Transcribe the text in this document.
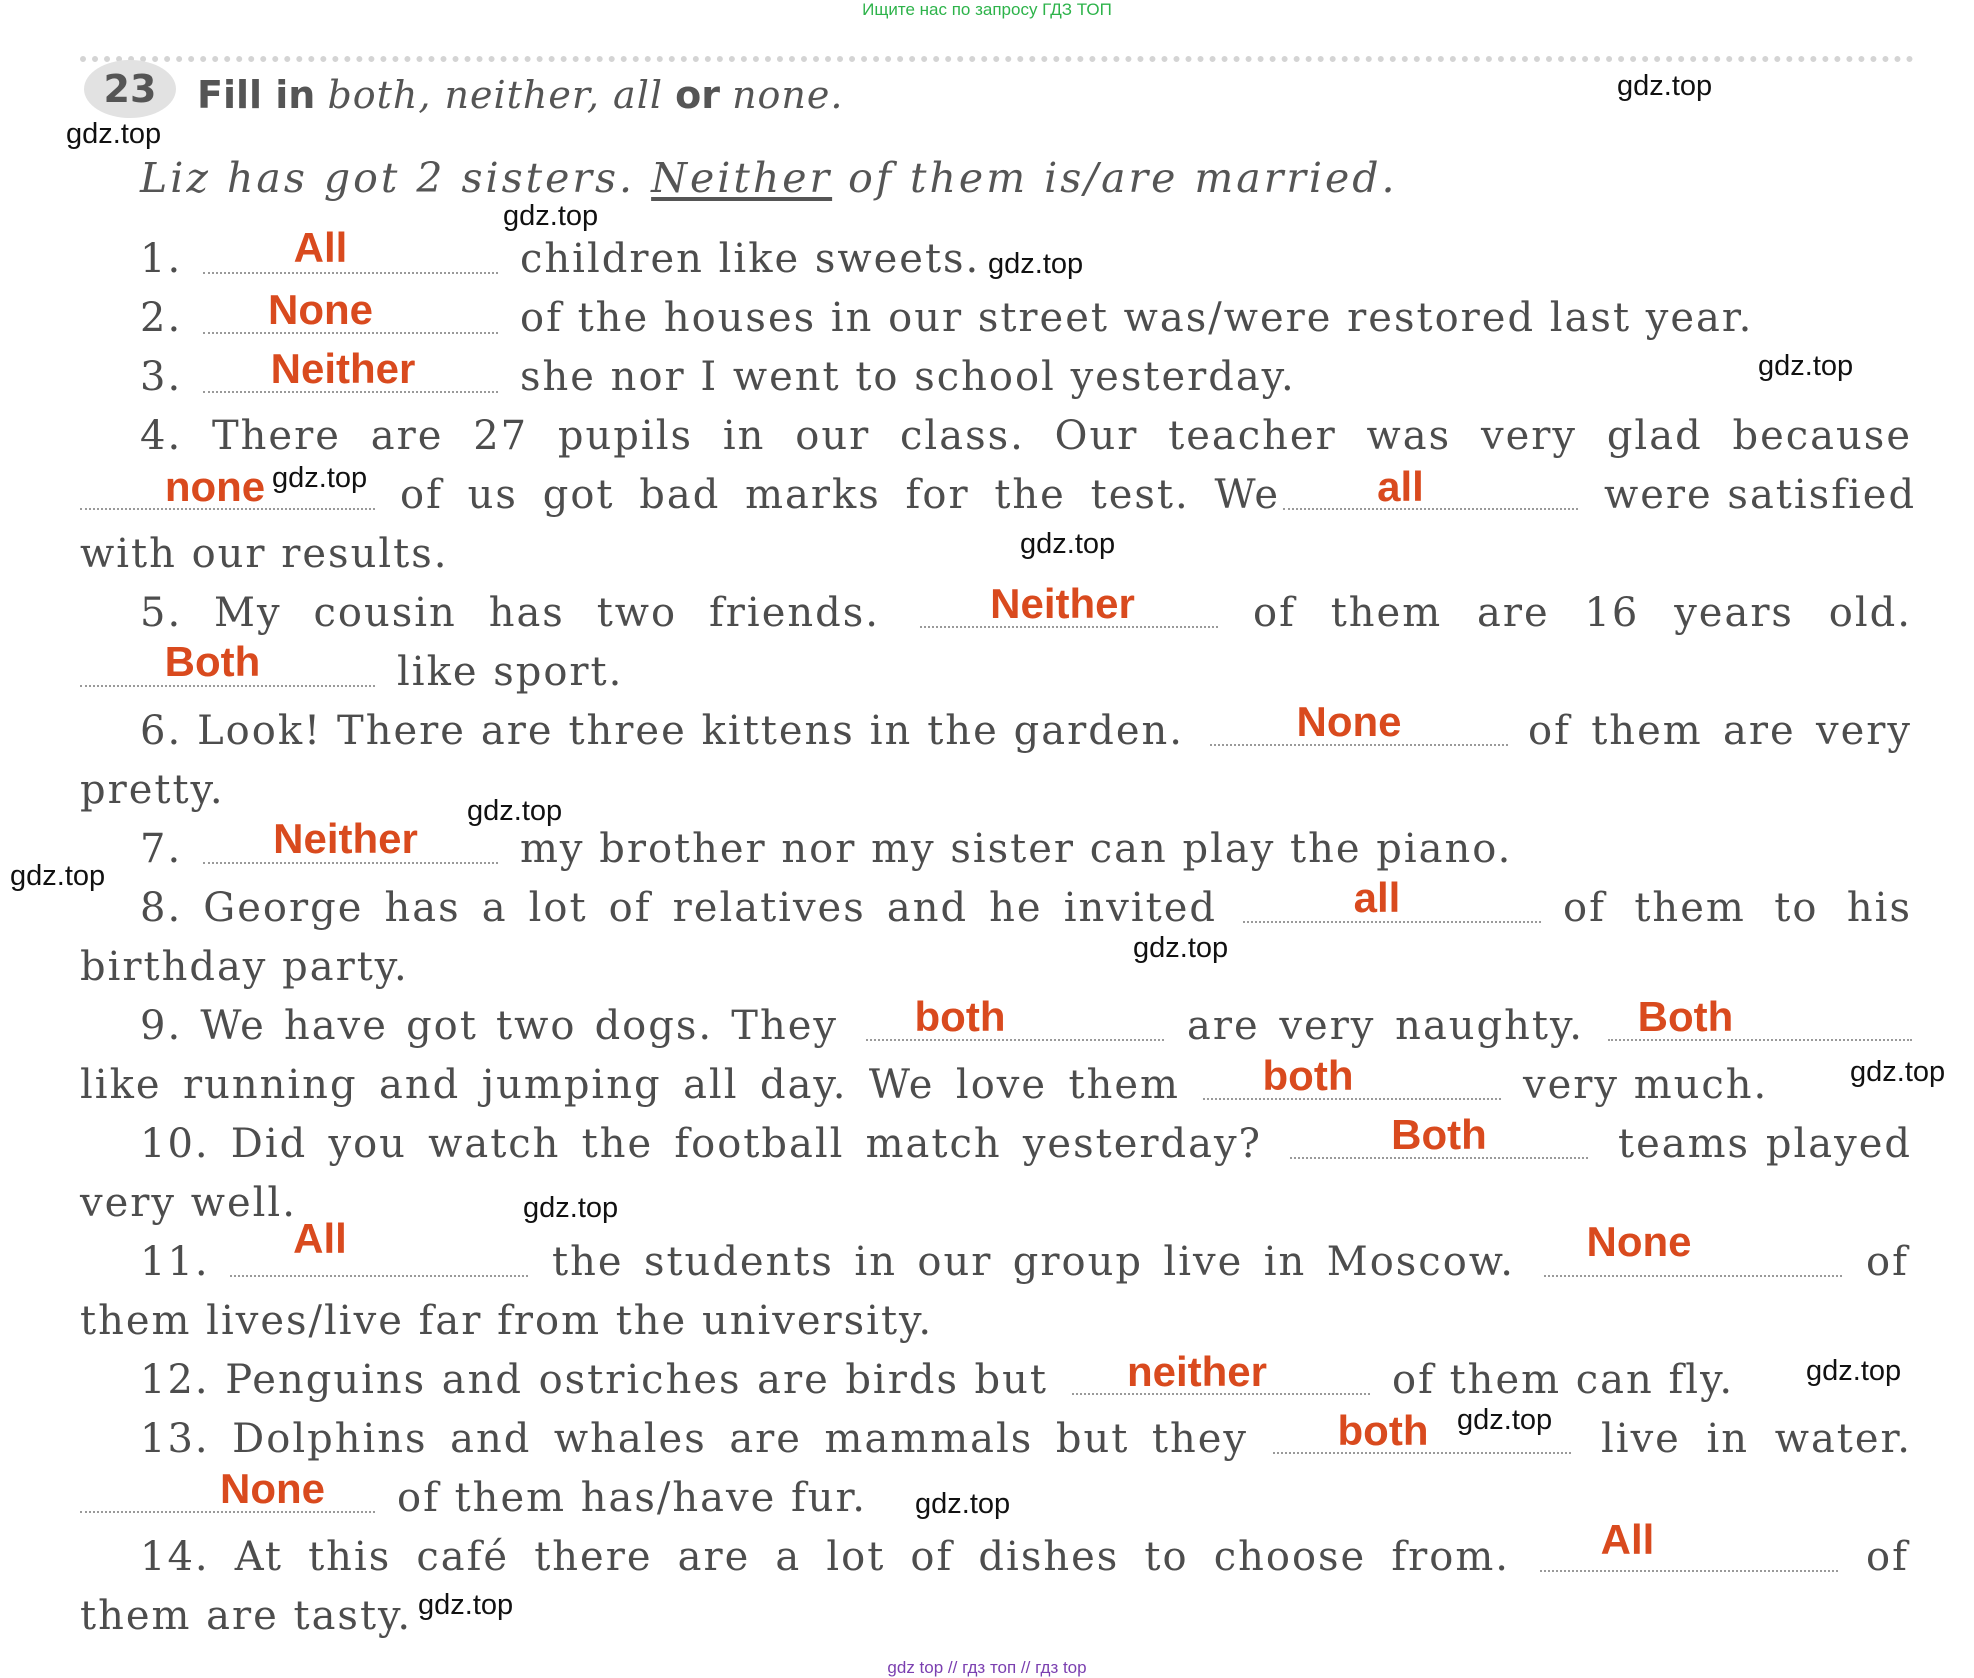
Ищите нас по запросу ГДЗ ТОП
23	Fill in both, neither, all or none.
Liz has got 2 sisters. Neither of them is/are married.
1.	All	children like sweets.
2.	None	of the houses in our street was/were restored last year.
3.	Neither	she nor I went to school yesterday.
4. There are 27 pupils in our class. Our teacher was very glad because
none	of us got bad marks for the test. We	all	were satisfied
with our results.
5. My cousin has two friends.	Neither	of them are 16 years old.
Both	like sport.
6. Look! There are three kittens in the garden.	None	of them are very
pretty.
7.	Neither	my brother nor my sister can play the piano.
8. George has a lot of relatives and he invited	all	of them to his
birthday party.
9. We have got two dogs. They	both	are very naughty.	Both
like running and jumping all day. We love them	both	very much.
10. Did you watch the football match yesterday?	Both	teams played
very well.
11.	All	the students in our group live in Moscow.	None	of
them lives/live far from the university.
12. Penguins and ostriches are birds but	neither	of them can fly.
13. Dolphins and whales are mammals but they	both	live in water.
None	of them has/have fur.
14. At this café there are a lot of dishes to choose from.	All	of
them are tasty.
gdz.top
gdz.top
gdz.top
gdz.top
gdz.top
gdz.top
gdz.top
gdz.top
gdz.top
gdz.top
gdz.top
gdz.top
gdz.top
gdz.top
gdz.top
gdz.top
gdz top // гдз топ // гдз top
